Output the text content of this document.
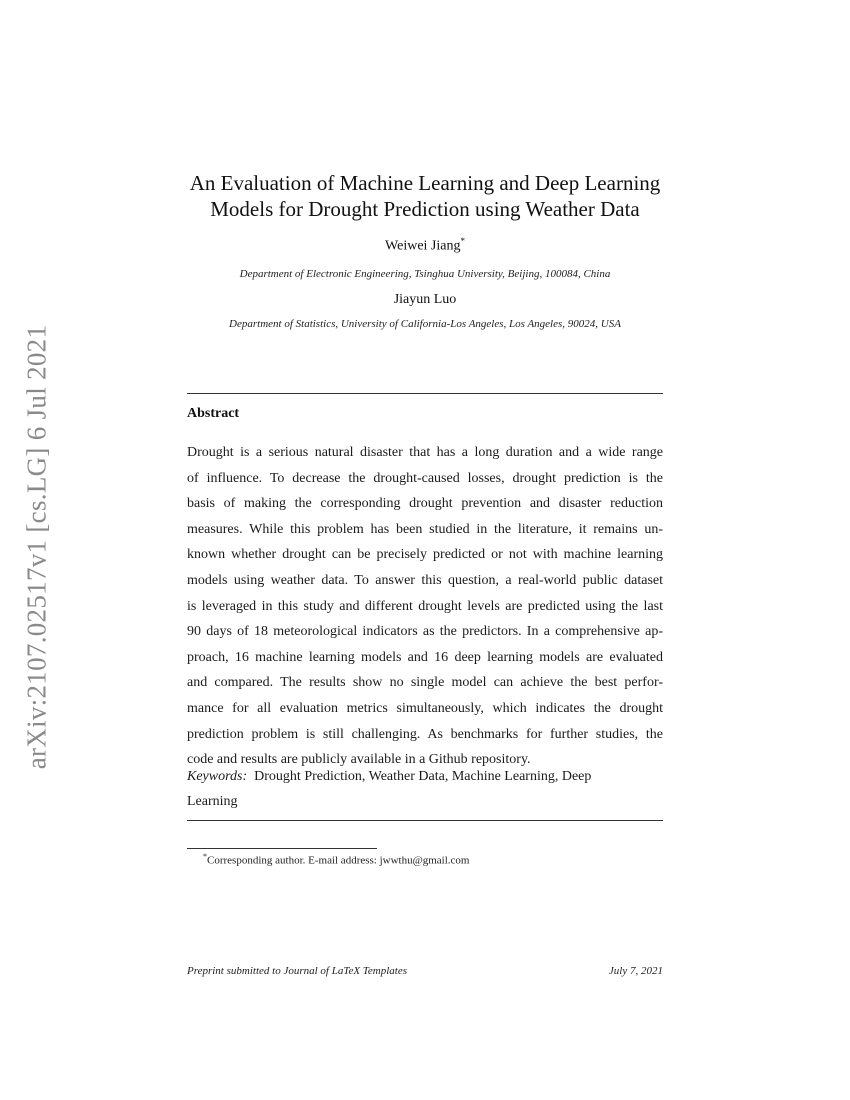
arXiv:2107.02517v1 [cs.LG] 6 Jul 2021
An Evaluation of Machine Learning and Deep Learning
Models for Drought Prediction using Weather Data
Weiwei Jiang*
Department of Electronic Engineering, Tsinghua University, Beijing, 100084, China
Jiayun Luo
Department of Statistics, University of California-Los Angeles, Los Angeles, 90024, USA
Abstract
Drought is a serious natural disaster that has a long duration and a wide range
of influence. To decrease the drought-caused losses, drought prediction is the
basis of making the corresponding drought prevention and disaster reduction
measures. While this problem has been studied in the literature, it remains un-
known whether drought can be precisely predicted or not with machine learning
models using weather data. To answer this question, a real-world public dataset
is leveraged in this study and different drought levels are predicted using the last
90 days of 18 meteorological indicators as the predictors. In a comprehensive ap-
proach, 16 machine learning models and 16 deep learning models are evaluated
and compared. The results show no single model can achieve the best perfor-
mance for all evaluation metrics simultaneously, which indicates the drought
prediction problem is still challenging. As benchmarks for further studies, the
code and results are publicly available in a Github repository.
Keywords: Drought Prediction, Weather Data, Machine Learning, Deep
Learning
*Corresponding author. E-mail address: jwwthu@gmail.com
Preprint submitted to Journal of LaTeX Templates	July 7, 2021
